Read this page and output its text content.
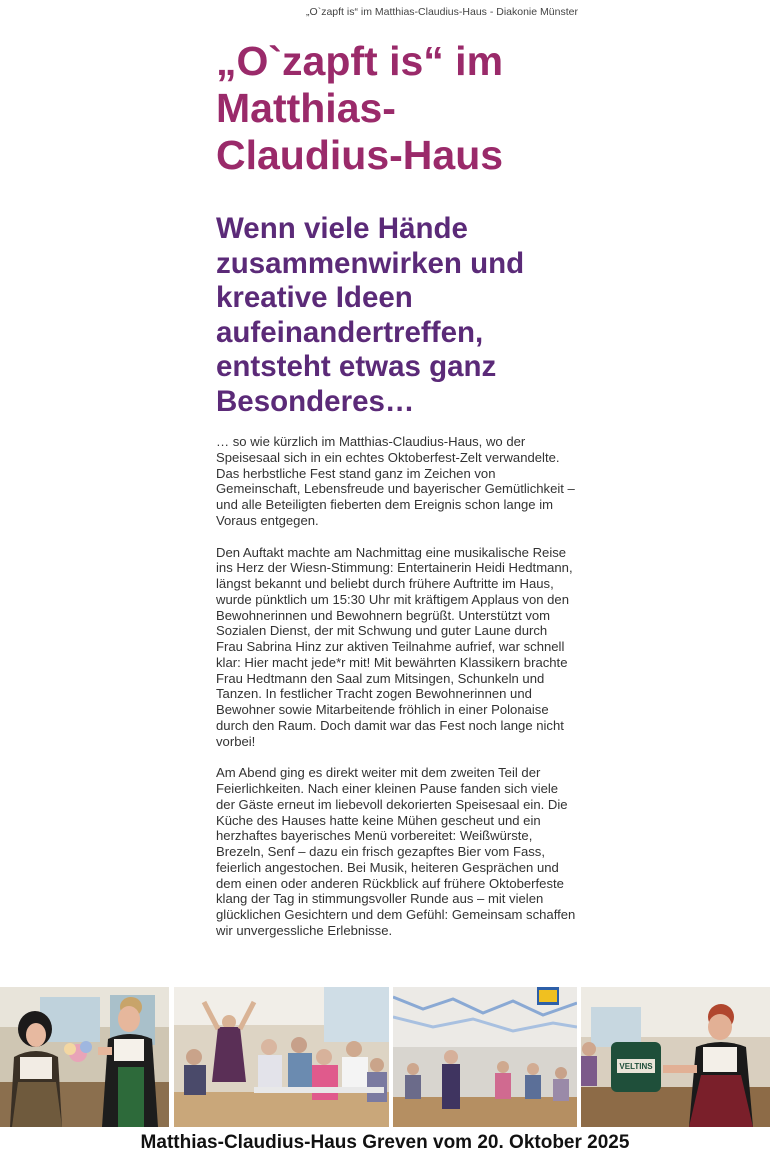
„O`zapft is“ im Matthias-Claudius-Haus - Diakonie Münster
„O`zapft is“ im Matthias-Claudius-Haus
Wenn viele Hände zusammenwirken und kreative Ideen aufeinandertreffen, entsteht etwas ganz Besonderes…

… so wie kürzlich im Matthias-Claudius-Haus, wo der Speisesaal sich in ein echtes Oktoberfest-Zelt verwandelte. Das herbstliche Fest stand ganz im Zeichen von Gemeinschaft, Lebensfreude und bayerischer Gemütlichkeit – und alle Beteiligten fieberten dem Ereignis schon lange im Voraus entgegen.

Den Auftakt machte am Nachmittag eine musikalische Reise ins Herz der Wiesn-Stimmung: Entertainerin Heidi Hedtmann, längst bekannt und beliebt durch frühere Auftritte im Haus, wurde pünktlich um 15:30 Uhr mit kräftigem Applaus von den Bewohnerinnen und Bewohnern begrüßt. Unterstützt vom Sozialen Dienst, der mit Schwung und guter Laune durch Frau Sabrina Hinz zur aktiven Teilnahme aufrief, war schnell klar: Hier macht jede*r mit! Mit bewährten Klassikern brachte Frau Hedtmann den Saal zum Mitsingen, Schunkeln und Tanzen. In festlicher Tracht zogen Bewohnerinnen und Bewohner sowie Mitarbeitende fröhlich in einer Polonaise durch den Raum. Doch damit war das Fest noch lange nicht vorbei!

Am Abend ging es direkt weiter mit dem zweiten Teil der Feierlichkeiten. Nach einer kleinen Pause fanden sich viele der Gäste erneut im liebevoll dekorierten Speisesaal ein. Die Küche des Hauses hatte keine Mühen gescheut und ein herzhaftes bayerisches Menü vorbereitet: Weißwürste, Brezeln, Senf – dazu ein frisch gezapftes Bier vom Fass, feierlich angestochen. Bei Musik, heiteren Gesprächen und dem einen oder anderen Rückblick auf frühere Oktoberfeste klang der Tag in stimmungsvoller Runde aus – mit vielen glücklichen Gesichtern und dem Gefühl: Gemeinsam schaffen wir unvergessliche Erlebnisse.

VELTINS
Matthias-Claudius-Haus Greven vom 20. Oktober 2025
